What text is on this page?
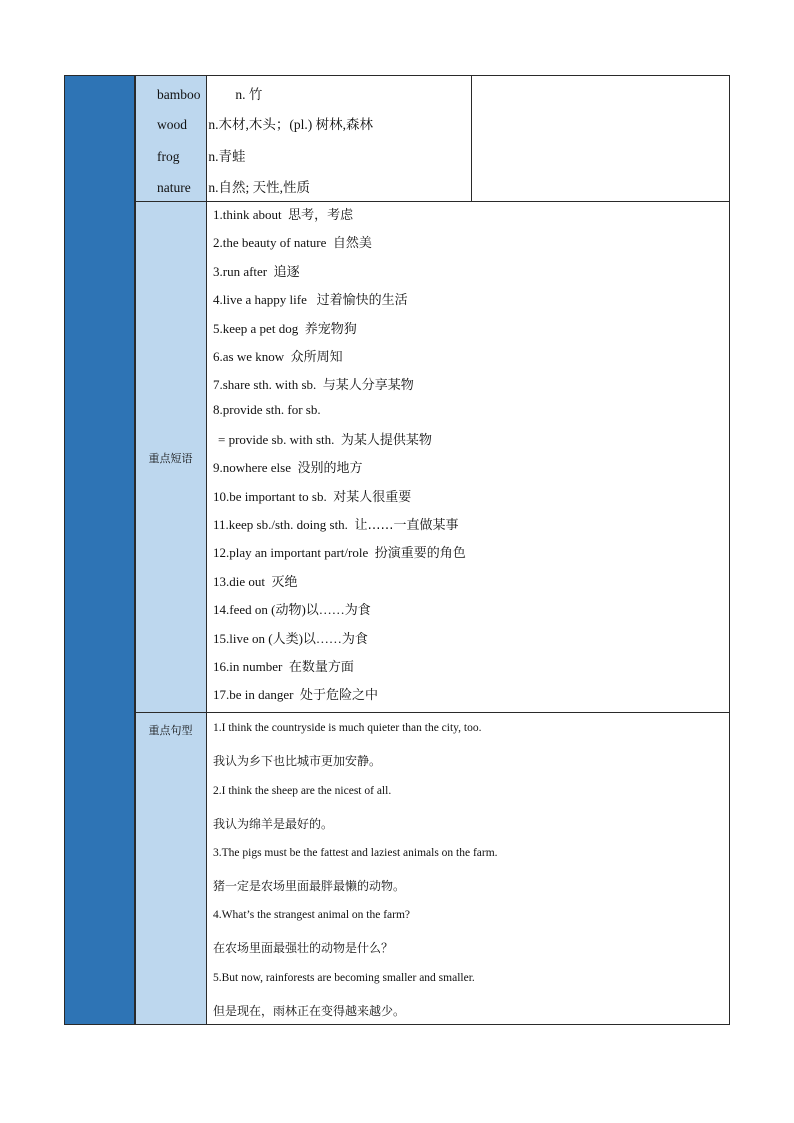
重点短语
重点句型
bamboo	n. 竹
wood n.木材,木头；(pl.) 树林,森林
frog n.青蛙
nature n.自然; 天性,性质
1.think about 思考，考虑
2.the beauty of nature 自然美
3.run after 追逐
4.live a happy life 过着愉快的生活
5.keep a pet dog 养宠物狗
6.as we know 众所周知
7.share sth. with sb. 与某人分享某物
8.provide sth. for sb.
= provide sb. with sth. 为某人提供某物
9.nowhere else 没别的地方
10.be important to sb. 对某人很重要
11.keep sb./sth. doing sth. 让……一直做某事
12.play an important part/role 扮演重要的角色
13.die out 灭绝
14.feed on (动物)以……为食
15.live on (人类)以……为食
16.in number 在数量方面
17.be in danger 处于危险之中
1.I think the countryside is much quieter than the city, too.
我认为乡下也比城市更加安静。
2.I think the sheep are the nicest of all.
我认为绵羊是最好的。
3.The pigs must be the fattest and laziest animals on the farm.
猪一定是农场里面最胖最懒的动物。
4.What’s the strangest animal on the farm?
在农场里面最强壮的动物是什么？
5.But now, rainforests are becoming smaller and smaller.
但是现在，雨林正在变得越来越少。
